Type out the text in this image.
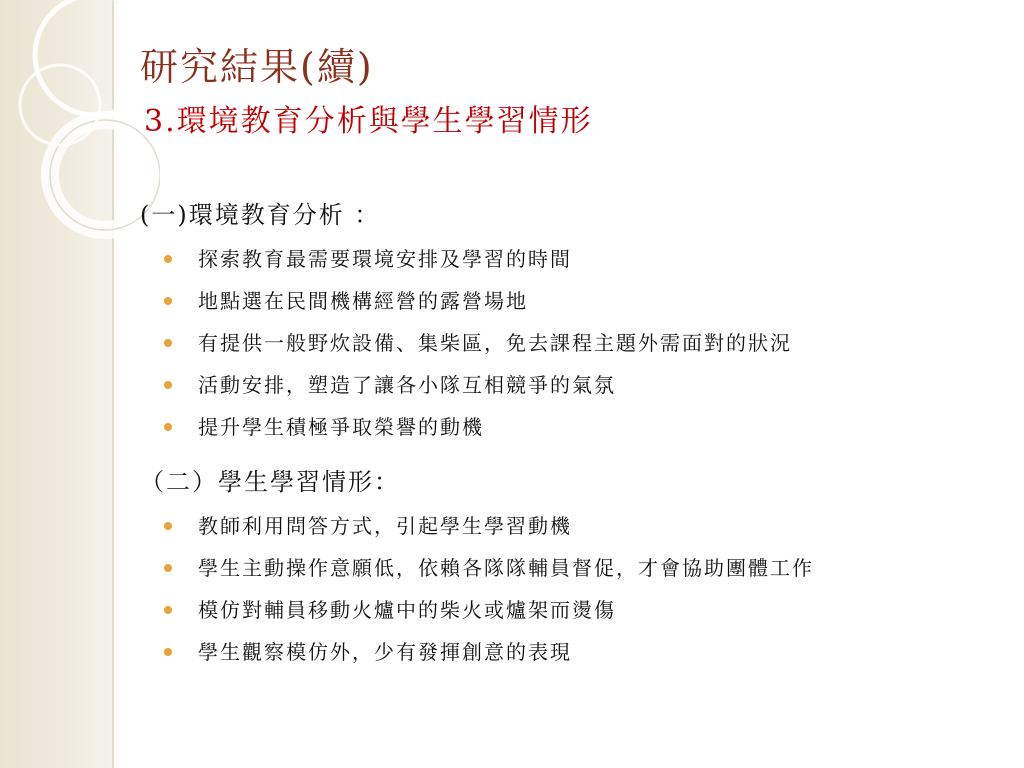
研究結果(續)
3.環境教育分析與學生學習情形
(一)環境教育分析 ：
探索教育最需要環境安排及學習的時間
地點選在民間機構經營的露營場地
有提供一般野炊設備、集柴區，免去課程主題外需面對的狀況
活動安排，塑造了讓各小隊互相競爭的氣氛
提升學生積極爭取榮譽的動機
（二）學生學習情形：
教師利用問答方式，引起學生學習動機
學生主動操作意願低，依賴各隊隊輔員督促，才會協助團體工作
模仿對輔員移動火爐中的柴火或爐架而燙傷
學生觀察模仿外，少有發揮創意的表現
